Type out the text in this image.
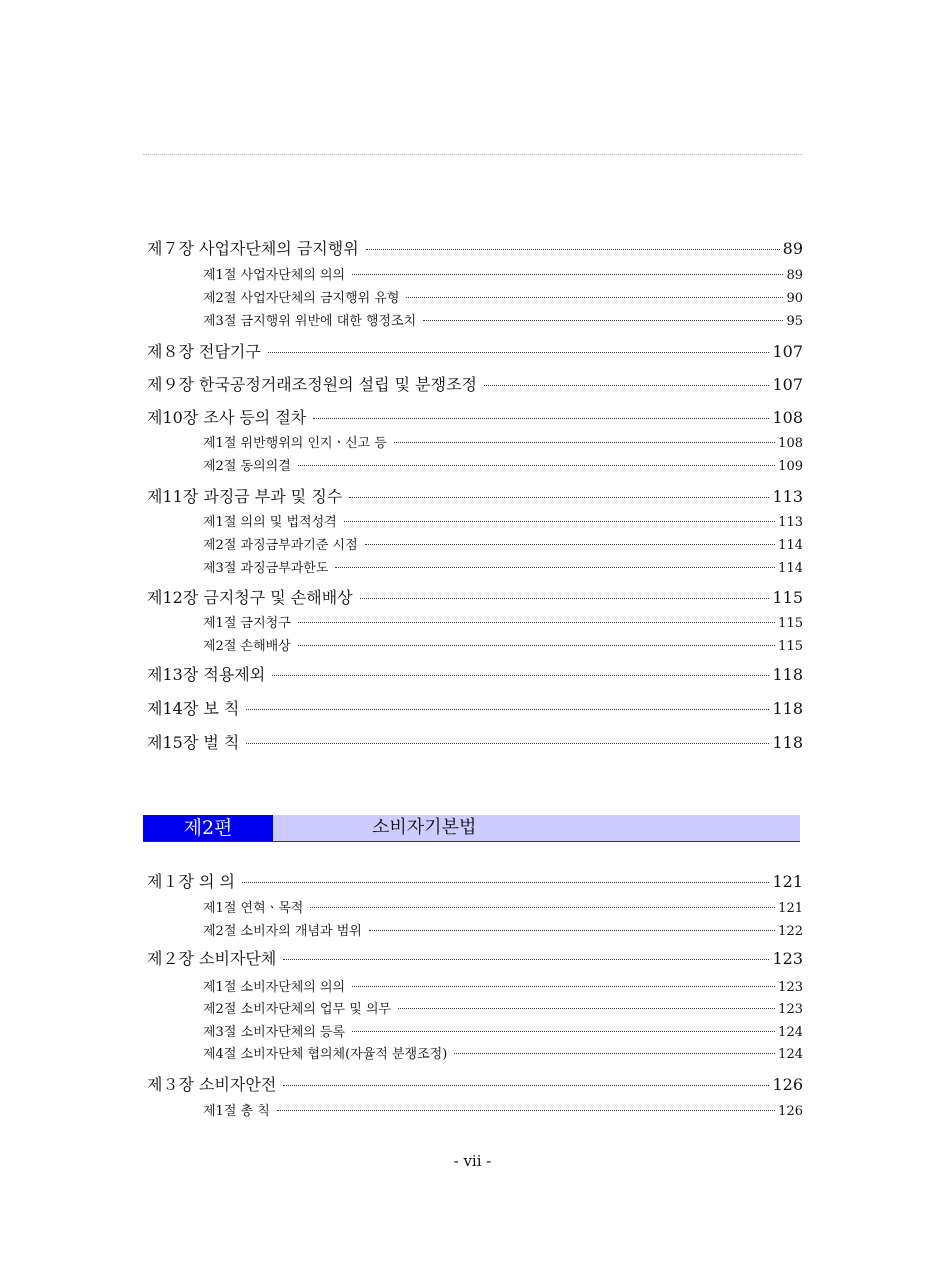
제７장 사업자단체의 금지행위	89
제1절 사업자단체의 의의	89
제2절 사업자단체의 금지행위 유형	90
제3절 금지행위 위반에 대한 행정조치	95
제８장 전담기구	107
제９장 한국공정거래조정원의 설립 및 분쟁조정	107
제10장 조사 등의 절차	108
제1절 위반행위의 인지ㆍ신고 등	108
제2절 동의의결	109
제11장 과징금 부과 및 징수	113
제1절 의의 및 법적성격	113
제2절 과징금부과기준 시점	114
제3절 과징금부과한도	114
제12장 금지청구 및 손해배상	115
제1절 금지청구	115
제2절 손해배상	115
제13장 적용제외	118
제14장 보 칙	118
제15장 벌 칙	118
제2편	소비자기본법
제１장 의 의	121
제1절 연혁ㆍ목적	121
제2절 소비자의 개념과 범위	122
제２장 소비자단체	123
제1절 소비자단체의 의의	123
제2절 소비자단체의 업무 및 의무	123
제3절 소비자단체의 등록	124
제4절 소비자단체 협의체(자율적 분쟁조정)	124
제３장 소비자안전	126
제1절 총 칙	126
- vii -
